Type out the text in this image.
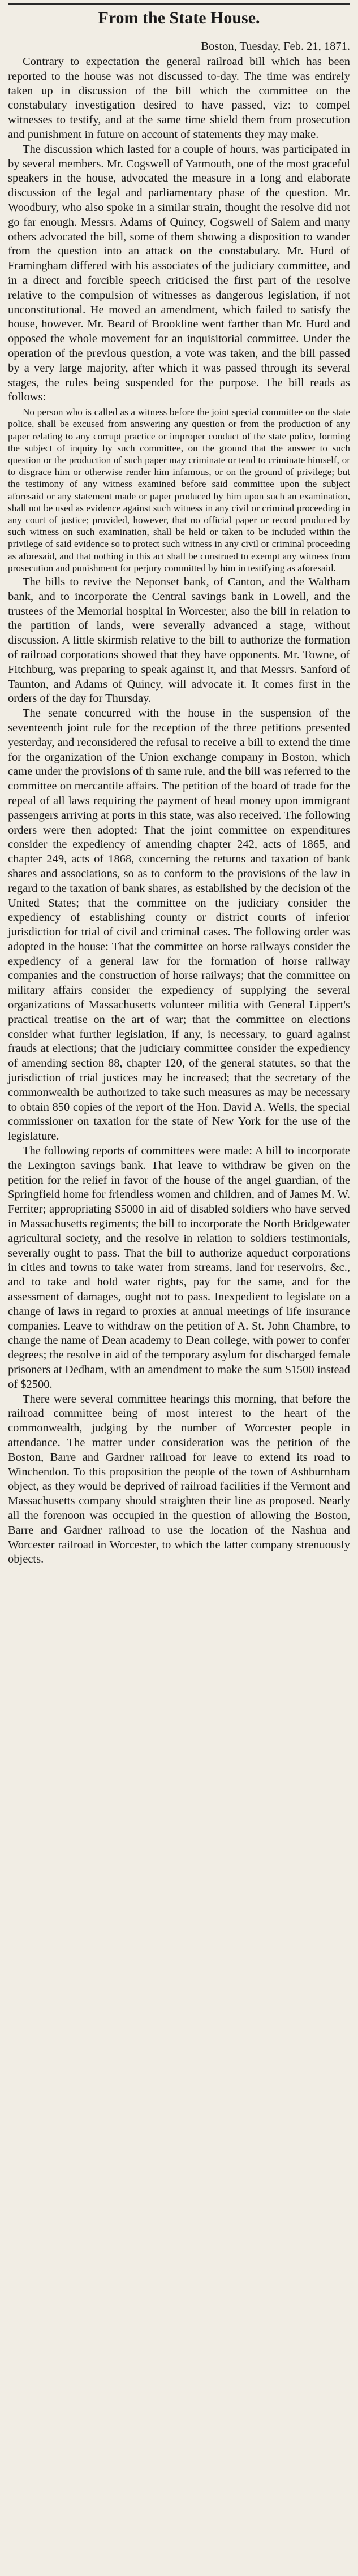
From the State House.
Boston, Tuesday, Feb. 21, 1871.

Contrary to expectation the general railroad bill which has been reported to the house was not discussed to-day. The time was entirely taken up in discussion of the bill which the committee on the constabulary investigation desired to have passed, viz: to compel witnesses to testify, and at the same time shield them from prosecution and punishment in future on account of statements they may make.

The discussion which lasted for a couple of hours, was participated in by several members. Mr. Cogswell of Yarmouth, one of the most graceful speakers in the house, advocated the measure in a long and elaborate discussion of the legal and parliamentary phase of the question. Mr. Woodbury, who also spoke in a similar strain, thought the resolve did not go far enough. Messrs. Adams of Quincy, Cogswell of Salem and many others advocated the bill, some of them showing a disposition to wander from the question into an attack on the constabulary. Mr. Hurd of Framingham differed with his associates of the judiciary committee, and in a direct and forcible speech criticised the first part of the resolve relative to the compulsion of witnesses as dangerous legislation, if not unconstitutional. He moved an amendment, which failed to satisfy the house, however. Mr. Beard of Brookline went farther than Mr. Hurd and opposed the whole movement for an inquisitorial committee. Under the operation of the previous question, a vote was taken, and the bill passed by a very large majority, after which it was passed through its several stages, the rules being suspended for the purpose. The bill reads as follows:

No person who is called as a witness before the joint special committee on the state police, shall be excused from answering any question or from the production of any paper relating to any corrupt practice or improper conduct of the state police, forming the subject of inquiry by such committee, on the ground that the answer to such question or the production of such paper may criminate or tend to criminate himself, or to disgrace him or otherwise render him infamous, or on the ground of privilege; but the testimony of any witness examined before said committee upon the subject aforesaid or any statement made or paper produced by him upon such an examination, shall not be used as evidence against such witness in any civil or criminal proceeding in any court of justice; provided, however, that no official paper or record produced by such witness on such examination, shall be held or taken to be included within the privilege of said evidence so to protect such witness in any civil or criminal proceeding as aforesaid, and that nothing in this act shall be construed to exempt any witness from prosecution and punishment for perjury committed by him in testifying as aforesaid.

The bills to revive the Neponset bank, of Canton, and the Waltham bank, and to incorporate the Central savings bank in Lowell, and the trustees of the Memorial hospital in Worcester, also the bill in relation to the partition of lands, were severally advanced a stage, without discussion. A little skirmish relative to the bill to authorize the formation of railroad corporations showed that they have opponents. Mr. Towne, of Fitchburg, was preparing to speak against it, and that Messrs. Sanford of Taunton, and Adams of Quincy, will advocate it. It comes first in the orders of the day for Thursday.

The senate concurred with the house in the suspension of the seventeenth joint rule for the reception of the three petitions presented yesterday, and reconsidered the refusal to receive a bill to extend the time for the organization of the Union exchange company in Boston, which came under the provisions of th same rule, and the bill was referred to the committee on mercantile affairs. The petition of the board of trade for the repeal of all laws requiring the payment of head money upon immigrant passengers arriving at ports in this state, was also received. The following orders were then adopted: That the joint committee on expenditures consider the expediency of amending chapter 242, acts of 1865, and chapter 249, acts of 1868, concerning the returns and taxation of bank shares and associations, so as to conform to the provisions of the law in regard to the taxation of bank shares, as established by the decision of the United States; that the committee on the judiciary consider the expediency of establishing county or district courts of inferior jurisdiction for trial of civil and criminal cases. The following order was adopted in the house: That the committee on horse railways consider the expediency of a general law for the formation of horse railway companies and the construction of horse railways; that the committee on military affairs consider the expediency of supplying the several organizations of Massachusetts volunteer militia with General Lippert's practical treatise on the art of war; that the committee on elections consider what further legislation, if any, is necessary, to guard against frauds at elections; that the judiciary committee consider the expediency of amending section 88, chapter 120, of the general statutes, so that the jurisdiction of trial justices may be increased; that the secretary of the commonwealth be authorized to take such measures as may be necessary to obtain 850 copies of the report of the Hon. David A. Wells, the special commissioner on taxation for the state of New York for the use of the legislature.

The following reports of committees were made: A bill to incorporate the Lexington savings bank. That leave to withdraw be given on the petition for the relief in favor of the house of the angel guardian, of the Springfield home for friendless women and children, and of James M. W. Ferriter; appropriating $5000 in aid of disabled soldiers who have served in Massachusetts regiments; the bill to incorporate the North Bridgewater agricultural society, and the resolve in relation to soldiers testimonials, severally ought to pass. That the bill to authorize aqueduct corporations in cities and towns to take water from streams, land for reservoirs, &c., and to take and hold water rights, pay for the same, and for the assessment of damages, ought not to pass. Inexpedient to legislate on a change of laws in regard to proxies at annual meetings of life insurance companies. Leave to withdraw on the petition of A. St. John Chambre, to change the name of Dean academy to Dean college, with power to confer degrees; the resolve in aid of the temporary asylum for discharged female prisoners at Dedham, with an amendment to make the sum $1500 instead of $2500.

There were several committee hearings this morning, that before the railroad committee being of most interest to the heart of the commonwealth, judging by the number of Worcester people in attendance. The matter under consideration was the petition of the Boston, Barre and Gardner railroad for leave to extend its road to Winchendon. To this proposition the people of the town of Ashburnham object, as they would be deprived of railroad facilities if the Vermont and Massachusetts company should straighten their line as proposed. Nearly all the forenoon was occupied in the question of allowing the Boston, Barre and Gardner railroad to use the location of the Nashua and Worcester railroad in Worcester, to which the latter company strenuously objects.
